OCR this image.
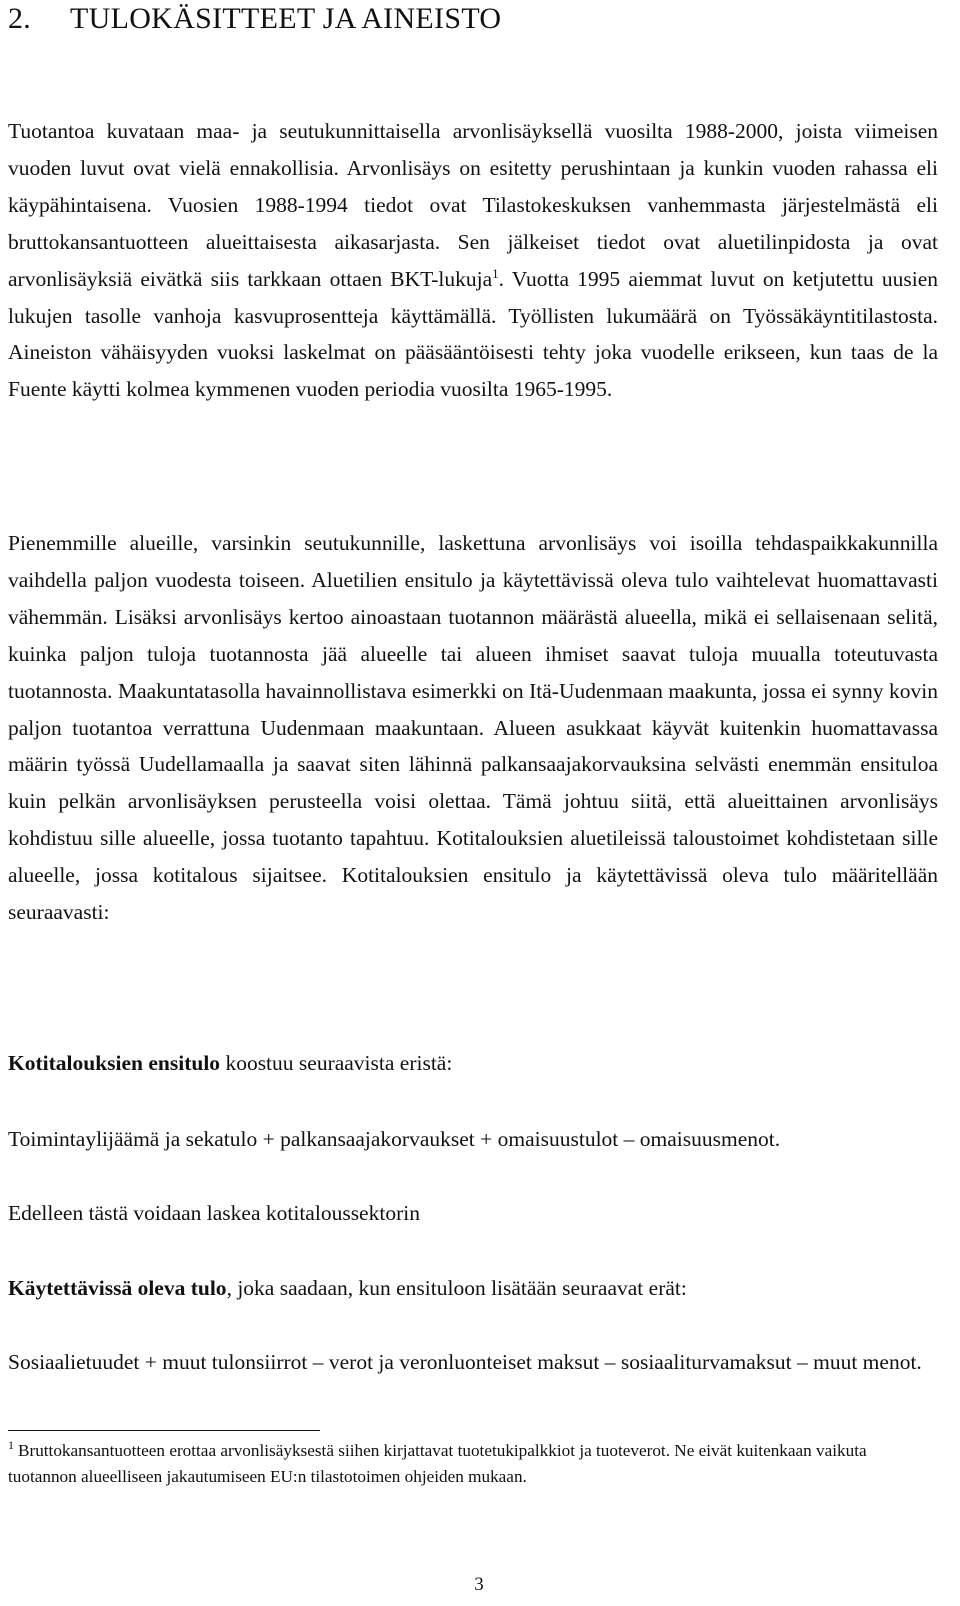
2. TULOKÄSITTEET JA AINEISTO

Tuotantoa kuvataan maa- ja seutukunnittaisella arvonlisäyksellä vuosilta 1988-2000, joista viimeisen vuoden luvut ovat vielä ennakollisia. Arvonlisäys on esitetty perushintaan ja kunkin vuoden rahassa eli käypähintaisena. Vuosien 1988-1994 tiedot ovat Tilastokeskuksen vanhemmasta järjestelmästä eli bruttokansantuotteen alueittaisesta aikasarjasta. Sen jälkeiset tiedot ovat aluetilinpidosta ja ovat arvonlisäyksiä eivätkä siis tarkkaan ottaen BKT-lukuja$^1$. Vuotta 1995 aiemmat luvut on ketjutettu uusien lukujen tasolle vanhoja kasvuprosentteja käyttämällä. Työllisten lukumäärä on Työssäkäyntitilastosta. Aineiston vähäisyyden vuoksi laskelmat on pääsääntöisesti tehty joka vuodelle erikseen, kun taas de la Fuente käytti kolmea kymmenen vuoden periodia vuosilta 1965-1995.

Pienemmille alueille, varsinkin seutukunnille, laskettuna arvonlisäys voi isoilla tehdaspaikkakunnilla vaihdella paljon vuodesta toiseen. Aluetilien ensitulo ja käytettävissä oleva tulo vaihtelevat huomattavasti vähemmän. Lisäksi arvonlisäys kertoo ainoastaan tuotannon määrästä alueella, mikä ei sellaisenaan selitä, kuinka paljon tuloja tuotannosta jää alueelle tai alueen ihmiset saavat tuloja muualla toteutuvasta tuotannosta. Maakuntatasolla havainnollistava esimerkki on Itä-Uudenmaan maakunta, jossa ei synny kovin paljon tuotantoa verrattuna Uudenmaan maakuntaan. Alueen asukkaat käyvät kuitenkin huomattavassa määrin työssä Uudellamaalla ja saavat siten lähinnä palkansaajakorvauksina selvästi enemmän ensituloa kuin pelkän arvonlisäyksen perusteella voisi olettaa. Tämä johtuu siitä, että alueittainen arvonlisäys kohdistuu sille alueelle, jossa tuotanto tapahtuu. Kotitalouksien aluetileissä taloustoimet kohdistetaan sille alueelle, jossa kotitalous sijaitsee. Kotitalouksien ensitulo ja käytettävissä oleva tulo määritellään seuraavasti:

Kotitalouksien ensitulo koostuu seuraavista eristä:

Toimintaylijäämä ja sekatulo + palkansaajakorvaukset + omaisuustulot – omaisuusmenot.

Edelleen tästä voidaan laskea kotitaloussektorin

Käytettävissä oleva tulo, joka saadaan, kun ensituloon lisätään seuraavat erät:

Sosiaalietuudet + muut tulonsiirrot – verot ja veronluonteiset maksut – sosiaaliturvamaksut – muut menot.

$^1$ Bruttokansantuotteen erottaa arvonlisäyksestä siihen kirjattavat tuotetukipalkkiot ja tuoteverot. Ne eivät kuitenkaan vaikuta tuotannon alueelliseen jakautumiseen EU:n tilastotoimen ohjeiden mukaan.

3
